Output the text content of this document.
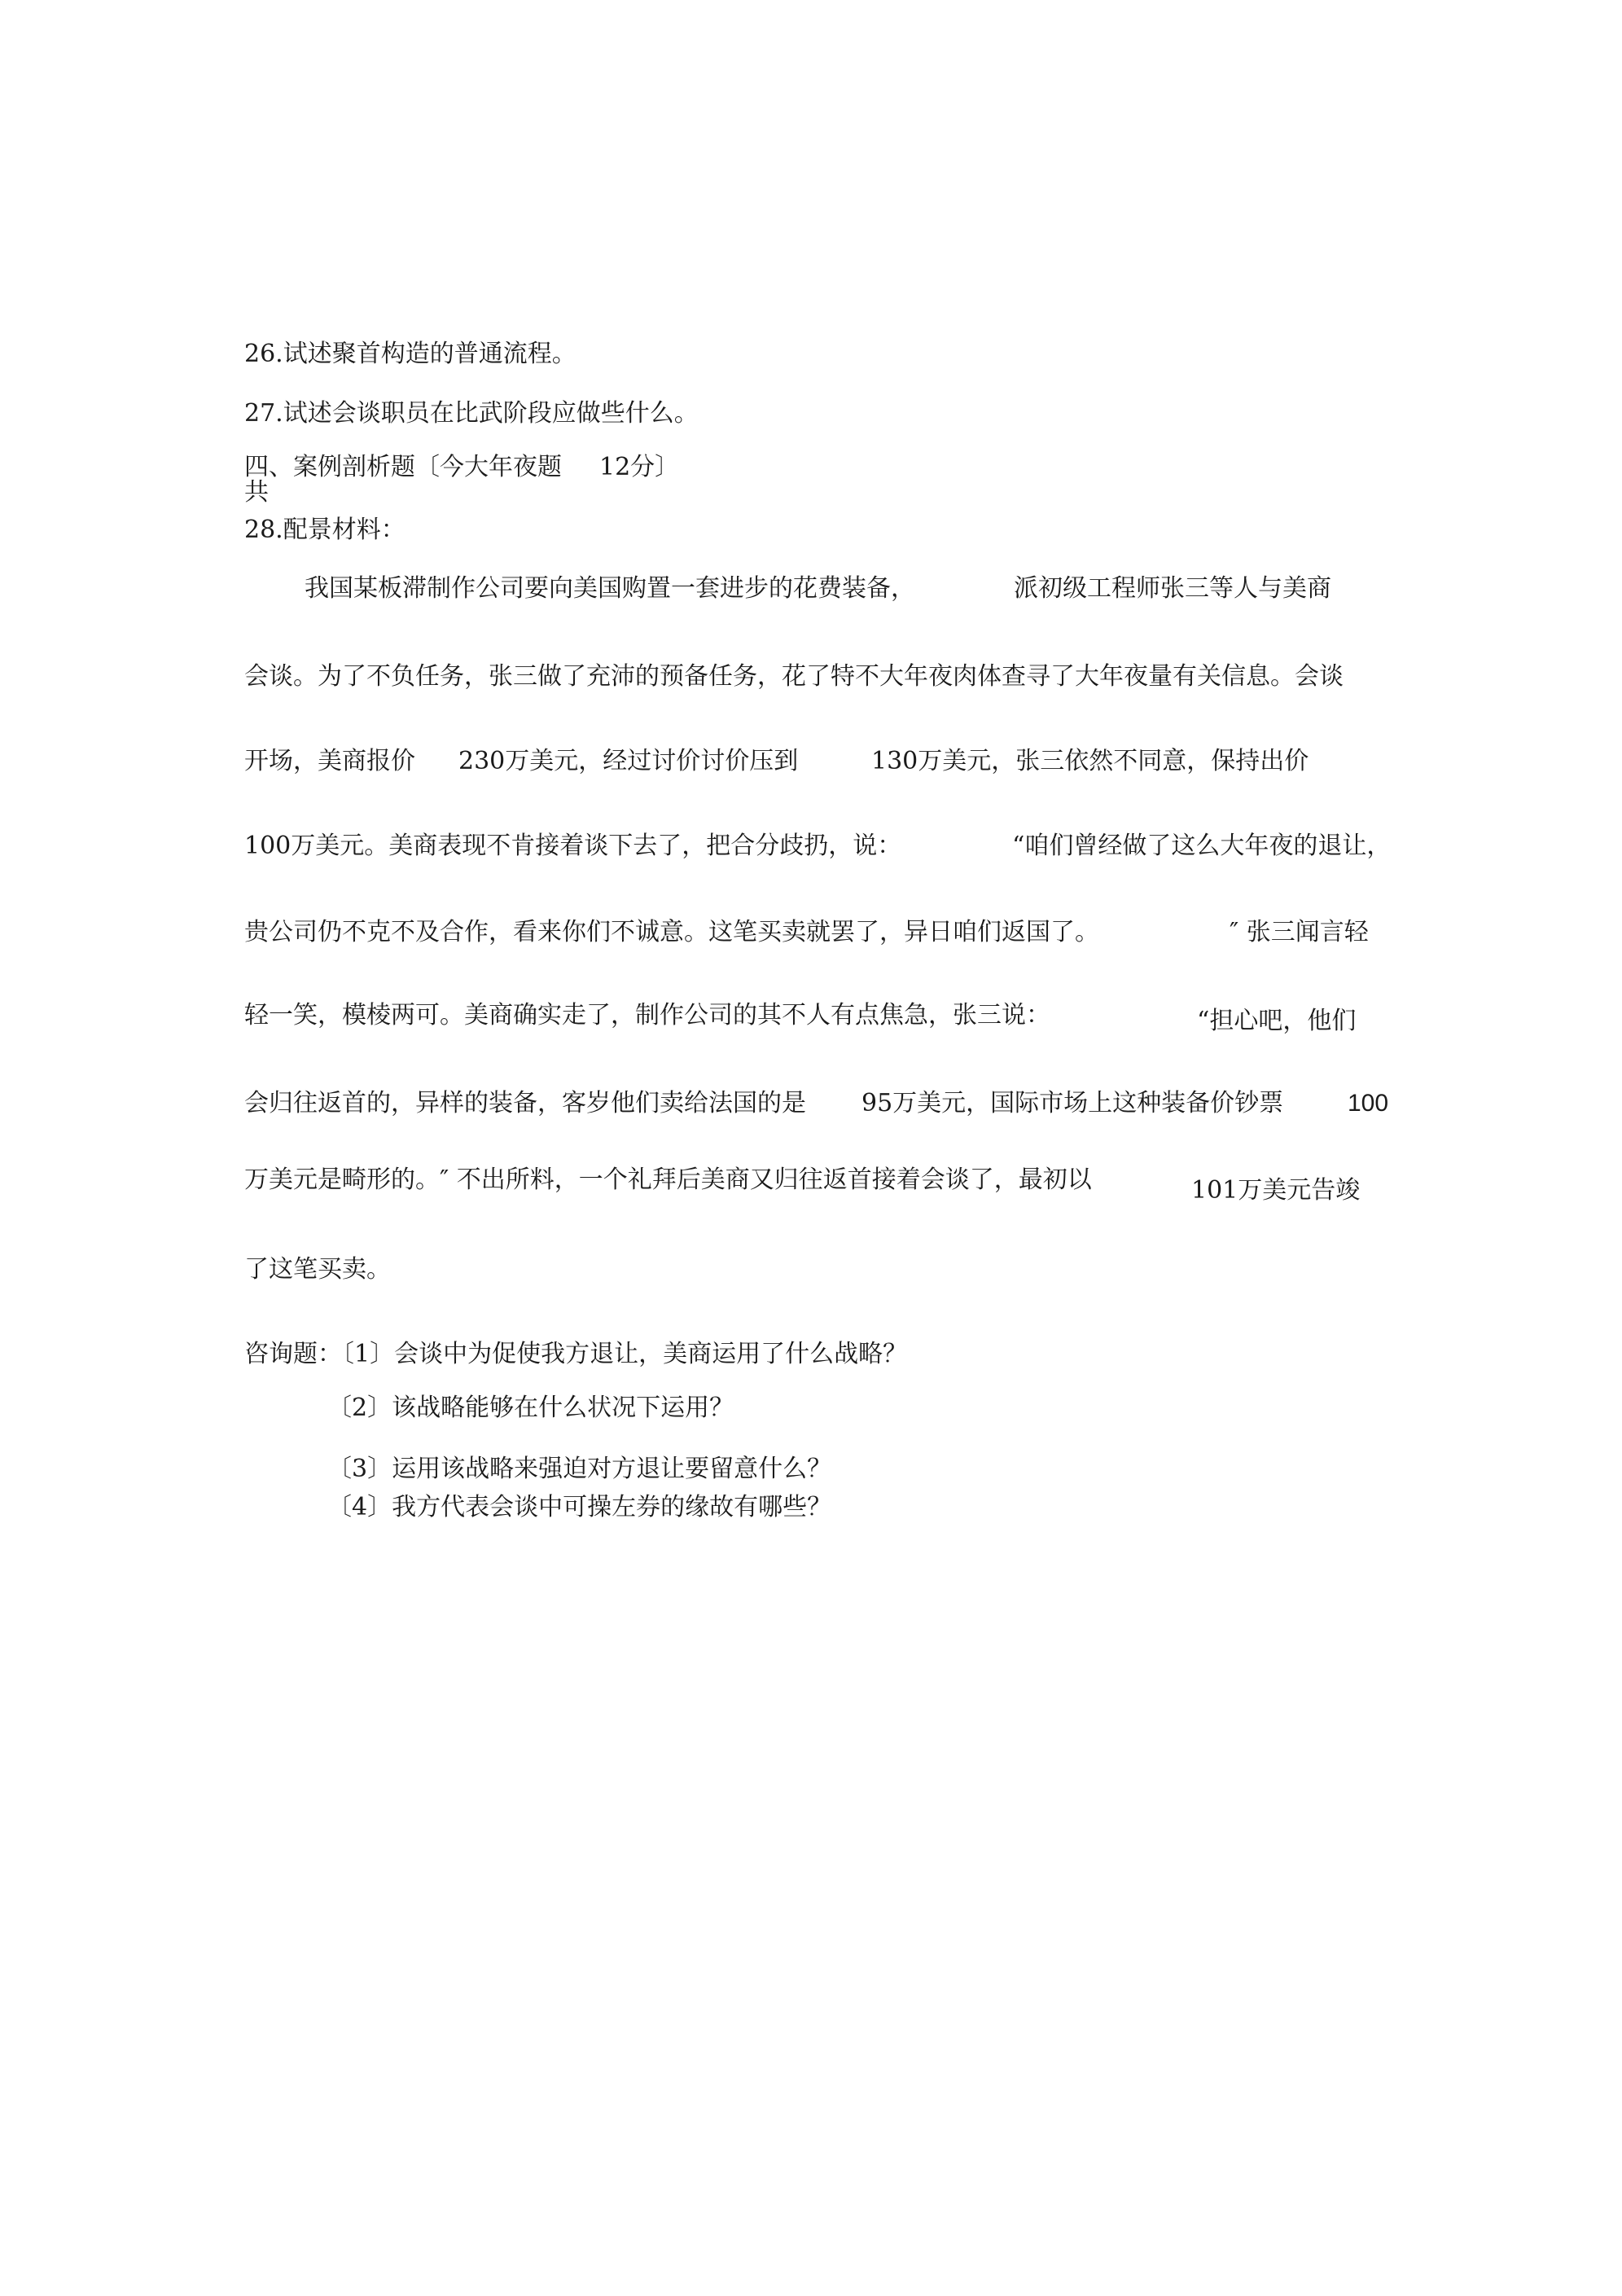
26.试述聚首构造的普通流程。
27.试述会谈职员在比武阶段应做些什么。
四、案例剖析题〔今大年夜题 12分〕
共
28.配景材料：
我国某板滞制作公司要向美国购置一套进步的花费装备，	派初级工程师张三等人与美商
会谈。为了不负任务，张三做了充沛的预备任务，花了特不大年夜肉体查寻了大年夜量有关信息。会谈
开场，美商报价 230万美元，经过讨价讨价压到	130万美元，张三依然不同意，保持出价
100万美元。美商表现不肯接着谈下去了，把合分歧扔，说：	“咱们曾经做了这么大年夜的退让，
贵公司仍不克不及合作，看来你们不诚意。这笔买卖就罢了，异日咱们返国了。	″ 张三闻言轻
轻一笑，模棱两可。美商确实走了，制作公司的其不人有点焦急，张三说：	“担心吧，他们
会归往返首的，异样的装备，客岁他们卖给法国的是 95万美元，国际市场上这种装备价钞票	100
万美元是畸形的。″ 不出所料，一个礼拜后美商又归往返首接着会谈了，最初以	101万美元告竣
了这笔买卖。
咨询题：〔1〕会谈中为促使我方退让，美商运用了什么战略？
〔2〕该战略能够在什么状况下运用？
〔3〕运用该战略来强迫对方退让要留意什么？
〔4〕我方代表会谈中可操左券的缘故有哪些？
